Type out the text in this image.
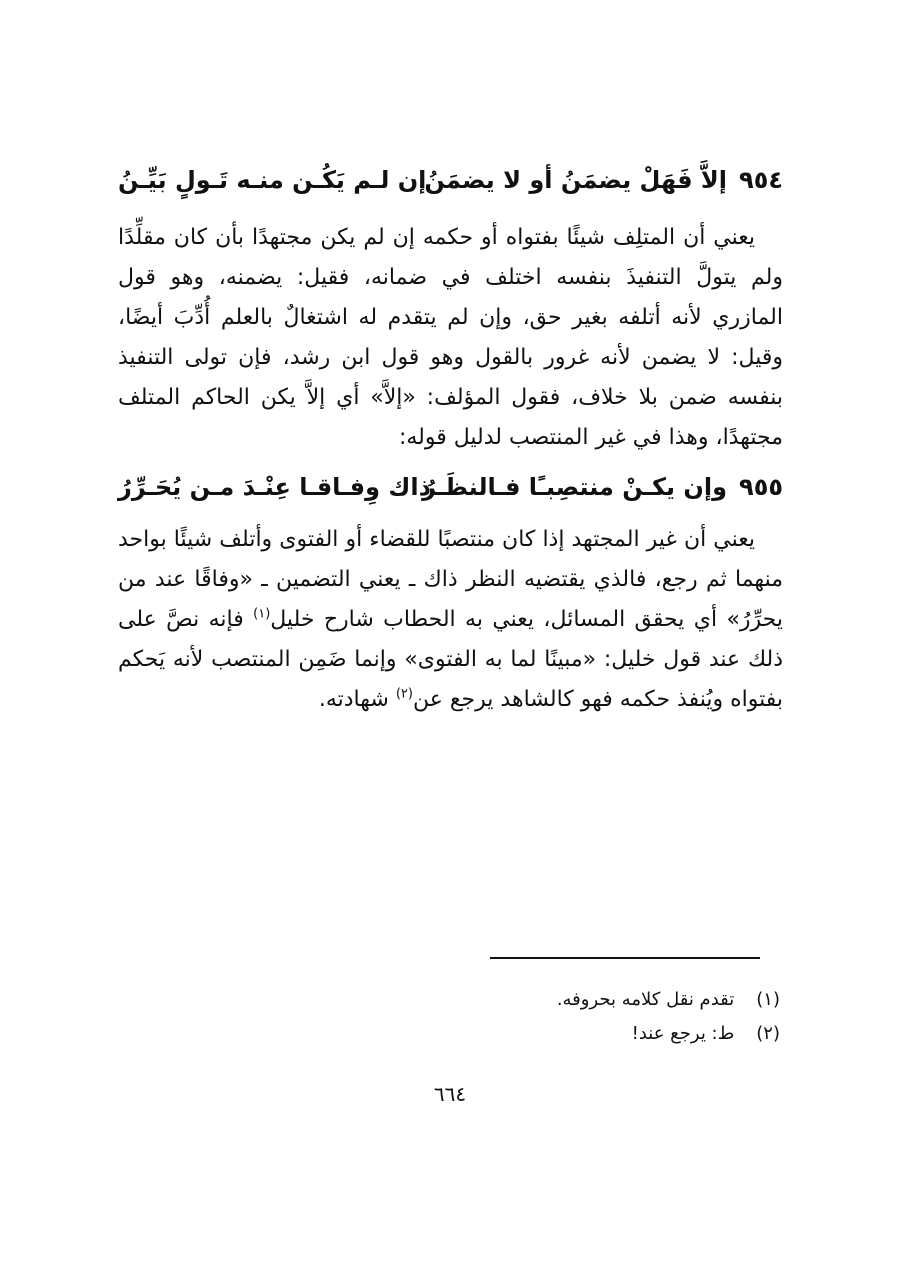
٩٥٤
إلاَّ فَهَلْ يضمَنُ أو لا يضمَنُ
إن لـم يَكُـن منـه تَـولٍ بَيِّـنُ

يعني أن المتلِف شيئًا بفتواه أو حكمه إن لم يكن مجتهدًا بأن كان مقلِّدًا ولم يتولَّ التنفيذَ بنفسه اختلف في ضمانه، فقيل: يضمنه، وهو قول المازري لأنه أتلفه بغير حق، وإن لم يتقدم له اشتغالٌ بالعلم أُدِّبَ أيضًا، وقيل: لا يضمن لأنه غرور بالقول وهو قول ابن رشد، فإن تولى التنفيذ بنفسه ضمن بلا خلاف، فقول المؤلف: «إلاَّ» أي إلاَّ يكن الحاكم المتلف مجتهدًا، وهذا في غير المنتصب لدليل قوله:

٩٥٥
وإن يكـنْ منتصِبـًا فـالنظَـرُ
ذاك وِفـاقـا عِنْـدَ مـن يُحَـرِّرُ

يعني أن غير المجتهد إذا كان منتصبًا للقضاء أو الفتوى وأتلف شيئًا بواحد منهما ثم رجع، فالذي يقتضيه النظر ذاك ـ يعني التضمين ـ «وفاقًا عند من يحرِّرُ» أي يحقق المسائل، يعني به الحطاب شارح خليل$^{(١)}$ فإنه نصَّ على ذلك عند قول خليل: «مبينًا لما به الفتوى» وإنما ضَمِن المنتصب لأنه يَحكم بفتواه ويُنفذ حكمه فهو كالشاهد يرجع عن$^{(٢)}$ شهادته.

(١) تقدم نقل كلامه بحروفه.
(٢) ط: يرجع عند!
٦٦٤
